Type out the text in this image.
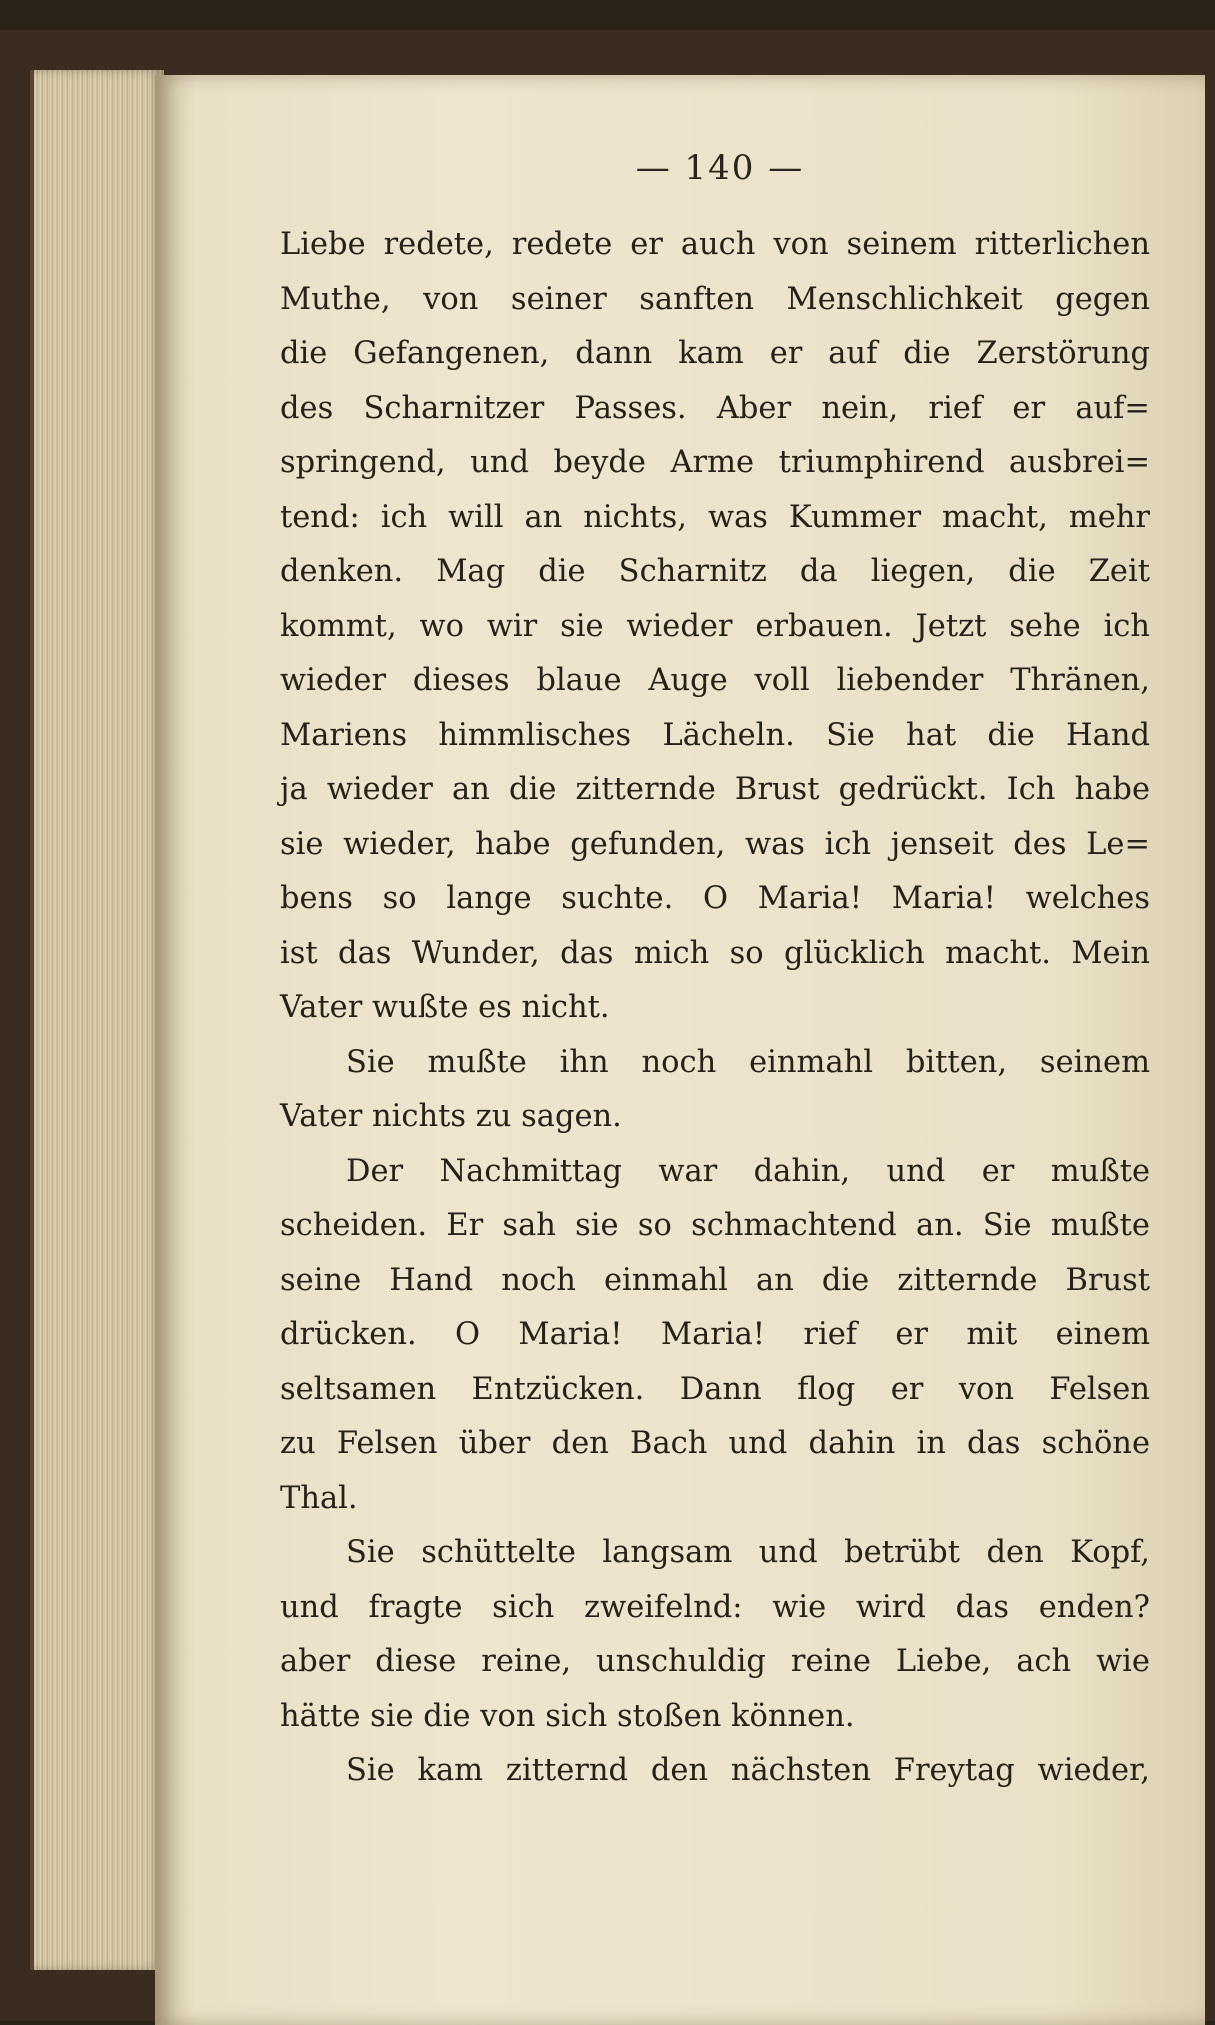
— 140 —
Liebe redete, redete er auch von seinem ritterlichen
Muthe, von seiner sanften Menschlichkeit gegen
die Gefangenen, dann kam er auf die Zerstörung
des Scharnitzer Passes. Aber nein, rief er auf=
springend, und beyde Arme triumphirend ausbrei=
tend: ich will an nichts, was Kummer macht, mehr
denken. Mag die Scharnitz da liegen, die Zeit
kommt, wo wir sie wieder erbauen. Jetzt sehe ich
wieder dieses blaue Auge voll liebender Thränen,
Mariens himmlisches Lächeln. Sie hat die Hand
ja wieder an die zitternde Brust gedrückt. Ich habe
sie wieder, habe gefunden, was ich jenseit des Le=
bens so lange suchte. O Maria! Maria! welches
ist das Wunder, das mich so glücklich macht. Mein
Vater wußte es nicht.
Sie mußte ihn noch einmahl bitten, seinem
Vater nichts zu sagen.
Der Nachmittag war dahin, und er mußte
scheiden. Er sah sie so schmachtend an. Sie mußte
seine Hand noch einmahl an die zitternde Brust
drücken. O Maria! Maria! rief er mit einem
seltsamen Entzücken. Dann flog er von Felsen
zu Felsen über den Bach und dahin in das schöne
Thal.
Sie schüttelte langsam und betrübt den Kopf,
und fragte sich zweifelnd: wie wird das enden?
aber diese reine, unschuldig reine Liebe, ach wie
hätte sie die von sich stoßen können.
Sie kam zitternd den nächsten Freytag wieder,
